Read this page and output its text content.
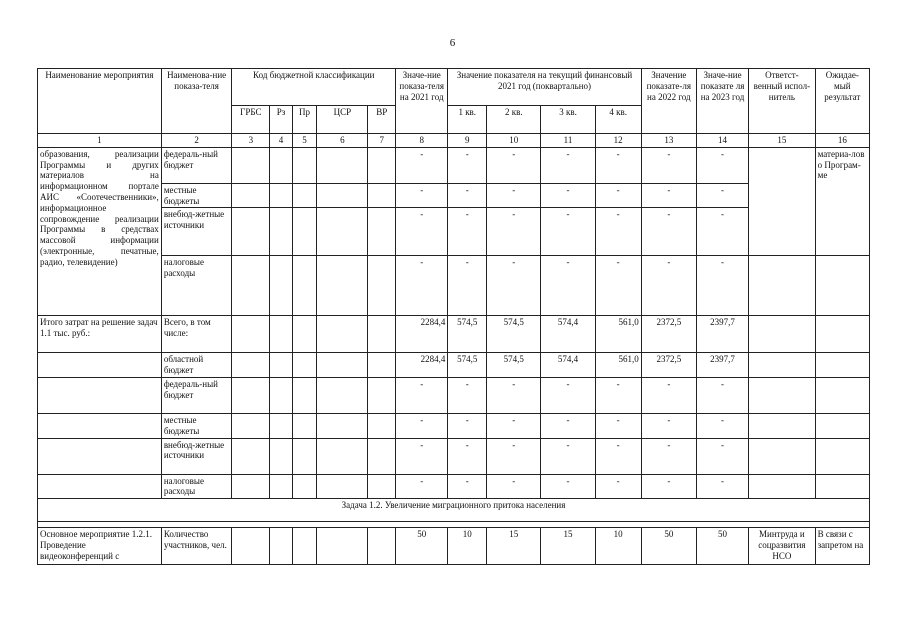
6
Наименование мероприятия	Наименова-ние показа-теля	Код бюджетной классификации					Значе-ние показа-теля на 2021 год	Значение показателя на текущий финансовый 2021 год (поквартально)				Значение показате-ля на 2022 год	Значе-ние показате ля на 2023 год	Ответст-венный испол-нитель	Ожидае-мый результат
		ГРБС	Рз	Пр	ЦСР	ВР		1 кв.	2 кв.	3 кв.	4 кв.				
1	2	3	4	5	6	7	8	9	10	11	12	13	14	15	16
образования, реализации Программы и других материалов на информационном портале АИС «Соотечественники», информационное сопровождение реализации Программы в средствах массовой информации (электронные, печатные, радио, телевидение)	федераль-ный бюджет						-	-	-	-	-	-	-		материа-лов о Програм-ме
	местные бюджеты						-	-	-	-	-	-	-		
	внебюд-жетные источники						-	-	-	-	-	-	-		
	налоговые расходы						-	-	-	-	-	-	-		
Итого затрат на решение задач 1.1 тыс. руб.:	Всего, в том числе:						2284,4	574,5	574,5	574,4	561,0	2372,5	2397,7		
	областной бюджет						2284,4	574,5	574,5	574,4	561,0	2372,5	2397,7		
	федераль-ный бюджет						-	-	-	-	-	-	-		
	местные бюджеты						-	-	-	-	-	-	-		
	внебюд-жетные источники						-	-	-	-	-	-	-		
	налоговые расходы						-	-	-	-	-	-	-		
Задача 1.2. Увеличение миграционного притока населения															

Основное мероприятие 1.2.1. Проведение видеоконференций с	Количество участников, чел.						50	10	15	15	10	50	50	Минтруда и соцразвития НСО	В связи с запретом на
